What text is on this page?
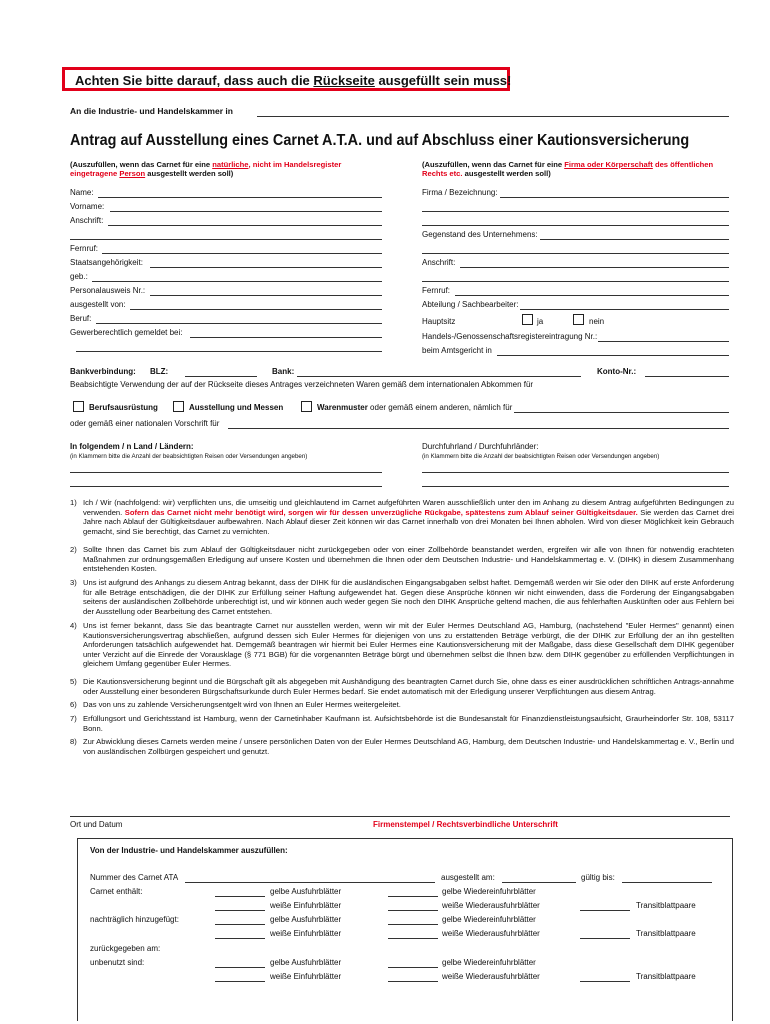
Achten Sie bitte darauf, dass auch die Rückseite ausgefüllt sein muss!
An die Industrie- und Handelskammer in
Antrag auf Ausstellung eines Carnet A.T.A. und auf Abschluss einer Kautionsversicherung
(Auszufüllen, wenn das Carnet für eine natürliche, nicht im Handelsregister
eingetragene Person ausgestellt werden soll)
(Auszufüllen, wenn das Carnet für eine Firma oder Körperschaft des öffentlichen
Rechts etc. ausgestellt werden soll)
Name:
Vorname:
Anschrift:
Fernruf:
Staatsangehörigkeit:
geb.:
Personalausweis Nr.:
ausgestellt von:
Beruf:
Gewerberechtlich gemeldet bei:
Firma / Bezeichnung:
Gegenstand des Unternehmens:
Anschrift:
Fernruf:
Abteilung / Sachbearbeiter:
Hauptsitz	ja	nein
Handels-/Genossenschaftsregistereintragung Nr.:
beim Amtsgericht in
Bankverbindung: BLZ:	Bank:	Konto-Nr.:
Beabsichtigte Verwendung der auf der Rückseite dieses Antrages verzeichneten Waren gemäß dem internationalen Abkommen für
Berufsausrüstung	Ausstellung und Messen	Warenmuster oder gemäß einem anderen, nämlich für
oder gemäß einer nationalen Vorschrift für
In folgendem / n Land / Ländern:
(in Klammern bitte die Anzahl der beabsichtigten Reisen oder Versendungen angeben)
Durchfuhrland / Durchfuhrländer:
(in Klammern bitte die Anzahl der beabsichtigten Reisen oder Versendungen angeben)
1) Ich / Wir (nachfolgend: wir) verpflichten uns, die umseitig und gleichlautend im Carnet aufgeführten Waren ausschließlich unter den im Anhang zu diesem Antrag aufgeführten Bedingungen zu verwenden. Sofern das Carnet nicht mehr benötigt wird, sorgen wir für dessen unverzügliche Rückgabe, spätestens zum Ablauf seiner Gültigkeitsdauer. Sie werden das Carnet drei Jahre nach Ablauf der Gültigkeitsdauer aufbewahren. Nach Ablauf dieser Zeit können wir das Carnet innerhalb von drei Monaten bei Ihnen abholen. Wird von dieser Möglichkeit kein Gebrauch gemacht, sind Sie berechtigt, das Carnet zu vernichten.
2) Sollte Ihnen das Carnet bis zum Ablauf der Gültigkeitsdauer nicht zurückgegeben oder von einer Zollbehörde beanstandet werden, ergreifen wir alle von Ihnen für notwendig erachteten Maßnahmen zur ordnungsgemäßen Erledigung auf unsere Kosten und übernehmen die Ihnen oder dem Deutschen Industrie- und Handelskammertag e. V. (DIHK) in diesem Zusammenhang entstehenden Kosten.
3) Uns ist aufgrund des Anhangs zu diesem Antrag bekannt, dass der DIHK für die ausländischen Eingangsabgaben selbst haftet. Demgemäß werden wir Sie oder den DIHK auf erste Anforderung für alle Beträge entschädigen, die der DIHK zur Erfüllung seiner Haftung aufgewendet hat. Gegen diese Ansprüche können wir nicht einwenden, dass die Forderung der Eingangsabgaben seitens der ausländischen Zollbehörde unberechtigt ist, und wir können auch weder gegen Sie noch den DIHK Ansprüche geltend machen, die aus fehlerhaften Auskünften oder aus Fehlern bei der Ausstellung oder Bearbeitung des Carnet entstehen.
4) Uns ist ferner bekannt, dass Sie das beantragte Carnet nur ausstellen werden, wenn wir mit der Euler Hermes Deutschland AG, Hamburg, (nachstehend "Euler Hermes" genannt) einen Kautionsversicherungsvertrag abschließen, aufgrund dessen sich Euler Hermes für diejenigen von uns zu erstattenden Beträge verbürgt, die der DIHK zur Erfüllung der an ihn gestellten Anforderungen tatsächlich aufgewendet hat. Demgemäß beantragen wir hiermit bei Euler Hermes eine Kautionsversicherung mit der Maßgabe, dass diese Gesellschaft dem DIHK gegenüber unter Verzicht auf die Einrede der Vorausklage (§ 771 BGB) für die vorgenannten Beträge bürgt und übernehmen selbst die Ihnen bzw. dem DIHK gegenüber zu erfüllenden Verpflichtungen in gleichem Umfang gegenüber Euler Hermes.
5) Die Kautionsversicherung beginnt und die Bürgschaft gilt als abgegeben mit Aushändigung des beantragten Carnet durch Sie, ohne dass es einer ausdrücklichen schriftlichen Antrags-annahme oder Ausstellung einer besonderen Bürgschaftsurkunde durch Euler Hermes bedarf. Sie endet automatisch mit der Erledigung unserer Verpflichtungen aus diesem Antrag.
6) Das von uns zu zahlende Versicherungsentgelt wird von Ihnen an Euler Hermes weitergeleitet.
7) Erfüllungsort und Gerichtsstand ist Hamburg, wenn der Carnetinhaber Kaufmann ist. Aufsichtsbehörde ist die Bundesanstalt für Finanzdienstleistungsaufsicht, Graurheindorfer Str. 108, 53117 Bonn.
8) Zur Abwicklung dieses Carnets werden meine / unsere persönlichen Daten von der Euler Hermes Deutschland AG, Hamburg, dem Deutschen Industrie- und Handelskammertag e. V., Berlin und von ausländischen Zollbürgen gespeichert und genutzt.
Ort und Datum	Firmenstempel / Rechtsverbindliche Unterschrift
Von der Industrie- und Handelskammer auszufüllen:
Nummer des Carnet ATA	ausgestellt am:	gültig bis:
Carnet enthält:	gelbe Ausfuhrblätter	gelbe Wiedereinfuhrblätter
weiße Einfuhrblätter	weiße Wiederausfuhrblätter	Transitblattpaare
nachträglich hinzugefügt:	gelbe Ausfuhrblätter	gelbe Wiedereinfuhrblätter
weiße Einfuhrblätter	weiße Wiederausfuhrblätter	Transitblattpaare
zurückgegeben am:
unbenutzt sind:	gelbe Ausfuhrblätter	gelbe Wiedereinfuhrblätter
weiße Einfuhrblätter	weiße Wiederausfuhrblätter	Transitblattpaare
